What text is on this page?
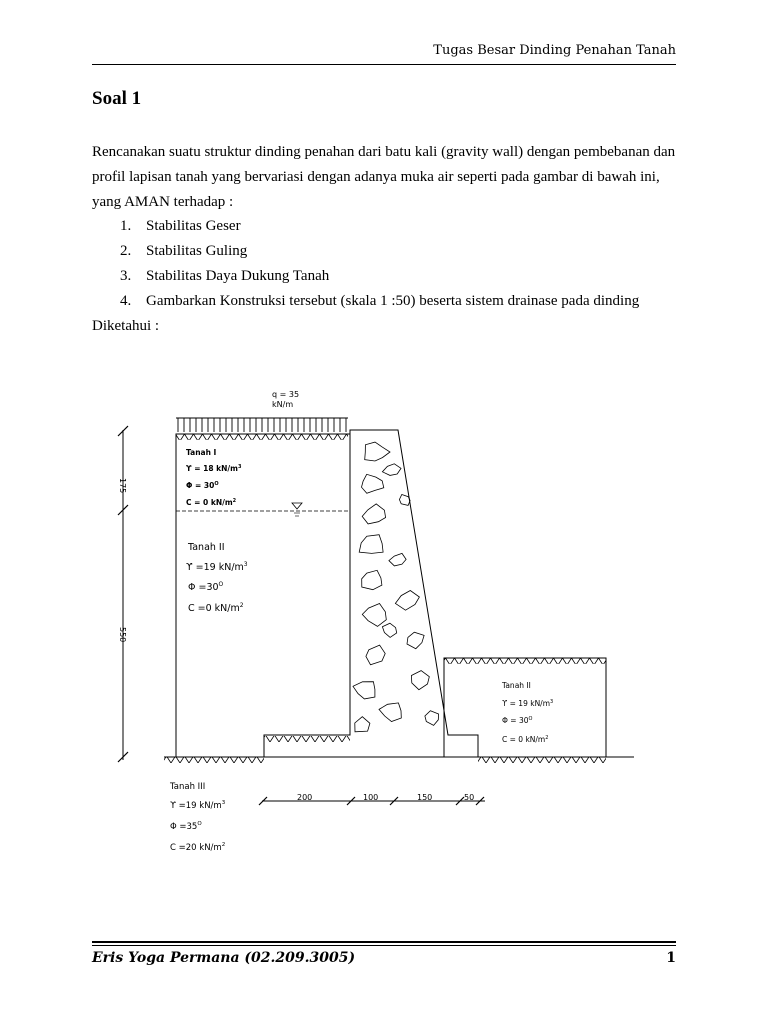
Tugas Besar Dinding Penahan Tanah
Soal 1
Rencanakan suatu struktur dinding penahan dari batu kali (gravity wall) dengan pembebanan dan profil lapisan tanah yang bervariasi dengan adanya muka air seperti pada gambar di bawah ini, yang AMAN terhadap :
1. Stabilitas Geser
2. Stabilitas Guling
3. Stabilitas Daya Dukung Tanah
4. Gambarkan Konstruksi tersebut (skala 1 :50) beserta sistem drainase pada dinding
Diketahui :
q = 35
kN/m
175
550
Tanah I
ϒ = 18 $kN/m^3$
$\Phi = 30^O$
C = 0 $kN/m^2$
Tanah II
ϒ =19 $kN/m^3$
$\Phi =30^O$
C =0 $kN/m^2$
Tanah II
ϒ = 19 $kN/m^3$
$\Phi = 30^O$
C = 0 $kN/m^2$
Tanah III
ϒ =19 $kN/m^3$
$\Phi =35^O$
C =20 $kN/m^2$
200	100	150	50
Eris Yoga Permana (02.209.3005)	1
